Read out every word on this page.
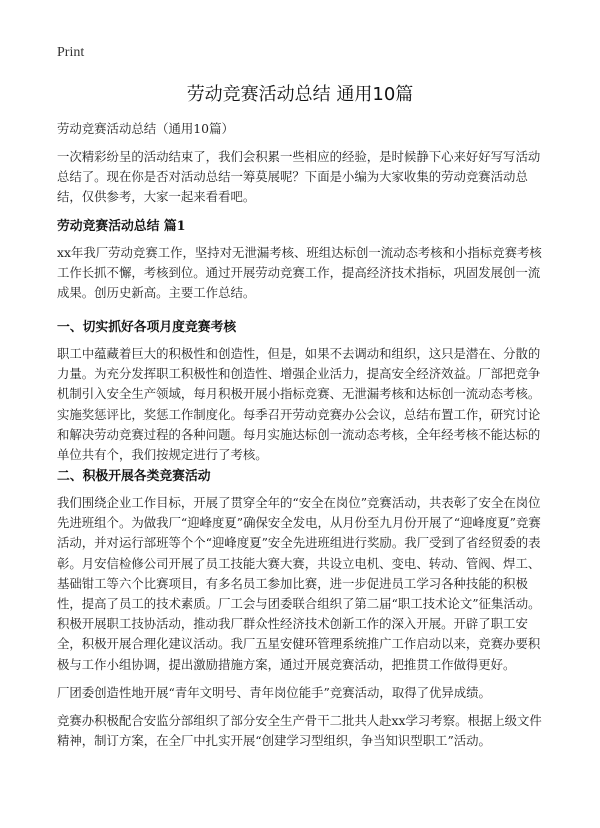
Print
劳动竞赛活动总结 通用10篇
劳动竞赛活动总结（通用10篇）
一次精彩纷呈的活动结束了，我们会积累一些相应的经验，是时候静下心来好好写写活动总结了。现在你是否对活动总结一筹莫展呢？下面是小编为大家收集的劳动竞赛活动总结，仅供参考，大家一起来看看吧。
劳动竞赛活动总结 篇1
xx年我厂劳动竞赛工作，坚持对无泄漏考核、班组达标创一流动态考核和小指标竞赛考核工作长抓不懈，考核到位。通过开展劳动竞赛工作，提高经济技术指标，巩固发展创一流成果。创历史新高。主要工作总结。
一、切实抓好各项月度竞赛考核
职工中蕴藏着巨大的积极性和创造性，但是，如果不去调动和组织，这只是潜在、分散的力量。为充分发挥职工积极性和创造性、增强企业活力，提高安全经济效益。厂部把竞争机制引入安全生产领域，每月积极开展小指标竞赛、无泄漏考核和达标创一流动态考核。实施奖惩评比，奖惩工作制度化。每季召开劳动竞赛办公会议，总结布置工作，研究讨论和解决劳动竞赛过程的各种问题。每月实施达标创一流动态考核，全年经考核不能达标的单位共有个，我们按规定进行了考核。
二、积极开展各类竞赛活动
我们围绕企业工作目标，开展了贯穿全年的“安全在岗位”竞赛活动，共表彰了安全在岗位先进班组个。为做我厂“迎峰度夏”确保安全发电，从月份至九月份开展了“迎峰度夏”竞赛活动，并对运行部班等个个“迎峰度夏”安全先进班组进行奖励。我厂受到了省经贸委的表彰。月安信检修公司开展了员工技能大赛大赛，共设立电机、变电、转动、管阀、焊工、基础钳工等六个比赛项目，有多名员工参加比赛，进一步促进员工学习各种技能的积极性，提高了员工的技术素质。厂工会与团委联合组织了第二届“职工技术论文”征集活动。积极开展职工技协活动，推动我厂群众性经济技术创新工作的深入开展。开辟了职工安全，积极开展合理化建议活动。我厂五星安健环管理系统推广工作启动以来，竞赛办要积极与工作小组协调，提出激励措施方案，通过开展竞赛活动，把推贯工作做得更好。
厂团委创造性地开展“青年文明号、青年岗位能手”竞赛活动，取得了优异成绩。
竞赛办积极配合安监分部组织了部分安全生产骨干二批共人赴xx学习考察。根据上级文件精神，制订方案，在全厂中扎实开展“创建学习型组织，争当知识型职工”活动。
